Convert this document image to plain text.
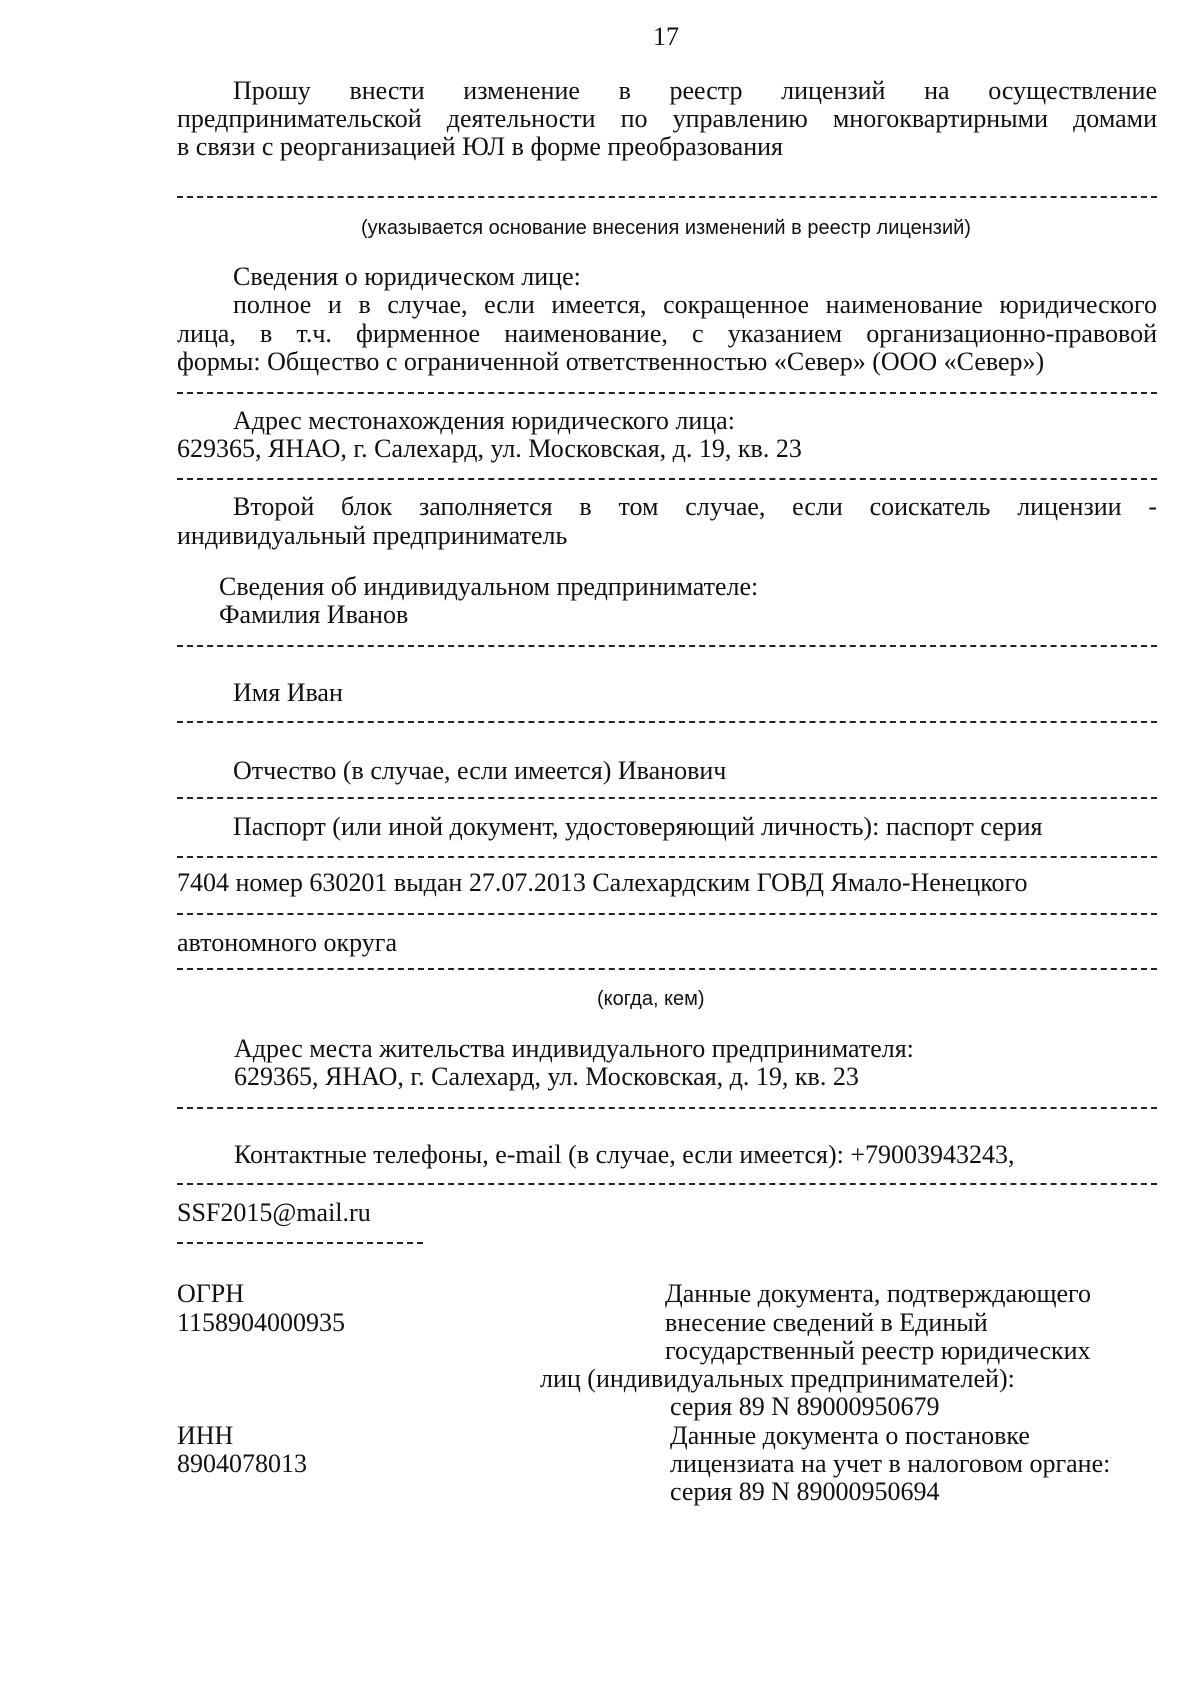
17
Прошу внести изменение в реестр лицензий на осуществление
предпринимательской деятельности по управлению многоквартирными домами
в связи с реорганизацией ЮЛ в форме преобразования
(указывается основание внесения изменений в реестр лицензий)
Сведения о юридическом лице:
полное и в случае, если имеется, сокращенное наименование юридического
лица, в т.ч. фирменное наименование, с указанием организационно-правовой
формы: Общество с ограниченной ответственностью «Север» (ООО «Север»)
Адрес местонахождения юридического лица:
629365, ЯНАО, г. Салехард, ул. Московская, д. 19, кв. 23
Второй блок заполняется в том случае, если соискатель лицензии -
индивидуальный предприниматель
Сведения об индивидуальном предпринимателе:
Фамилия Иванов
Имя Иван
Отчество (в случае, если имеется) Иванович
Паспорт (или иной документ, удостоверяющий личность): паспорт серия
7404 номер 630201 выдан 27.07.2013 Салехардским ГОВД Ямало-Ненецкого
автономного округа
(когда, кем)
Адрес места жительства индивидуального предпринимателя:
629365, ЯНАО, г. Салехард, ул. Московская, д. 19, кв. 23
Контактные телефоны, e-mail (в случае, если имеется): +79003943243,
SSF2015@mail.ru
ОГРН
1158904000935
ИНН
8904078013
Данные документа, подтверждающего
внесение сведений в Единый
государственный реестр юридических
лиц (индивидуальных предпринимателей):
серия 89 N 89000950679
Данные документа о постановке
лицензиата на учет в налоговом органе:
серия 89 N 89000950694
